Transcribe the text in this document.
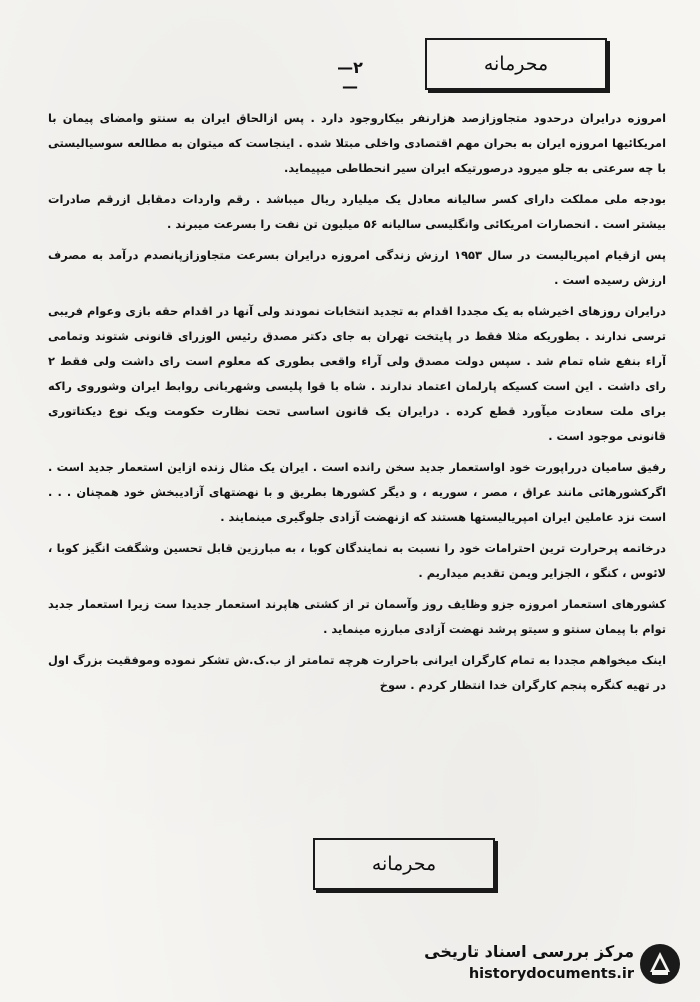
—٢—
محرمانه

امروزه درایران درحدود متجاوزازصد هزارنفر بیکاروجود دارد . پس ازالحاق ایران به سنتو وامضای پیمان با امریکائیها امروزه ایران به بحران مهم اقتصادی واخلی مبتلا شده . اینجاست که میتوان به مطالعه سوسیالیستی با چه سرعتی به جلو میرود درصورتیکه ایران سیر انحطاطی میپیماید.

بودجه ملی مملکت دارای کسر سالیانه معادل یک میلیارد ریال میباشد . رقم واردات دمقابل ازرقم صادرات بیشتر است . انحصارات امریکائی وانگلیسی سالیانه ۵۶ میلیون تن نفت را بسرعت میبرند .

پس ازقیام امپریالیست در سال ۱۹۵۳ ارزش زندگی امروزه درایران بسرعت متجاوزازپانصدم درآمد به مصرف ارزش رسیده است .

درایران روزهای اخیرشاه به یک مجددا اقدام به تجدید انتخابات نمودند ولی آنها در اقدام حقه بازی وعوام فریبی ترسی ندارند . بطوریکه مثلا فقط در پایتخت تهران به جای دکتر مصدق رئیس الوزرای قانونی شتوند وتمامی آراء بنفع شاه تمام شد . سپس دولت مصدق ولی آراء واقعی بطوری که معلوم است رای داشت ولی فقط ۲ رای داشت . این است کسیکه پارلمان اعتماد ندارند . شاه با قوا پلیسی وشهربانی روابط ایران وشوروی راکه برای ملت سعادت میآورد قطع کرده . درایران یک قانون اساسی تحت نظارت حکومت ویک نوع دیکتاتوری قانونی موجود است .

رفیق سامیان درراپورت خود اواستعمار جدید سخن رانده است . ایران یک مثال زنده ازاین استعمار جدید است . اگرکشورهائی مانند عراق ، مصر ، سوریه ، و دیگر کشورها بطریق و با نهضتهای آزادیبخش خود همچنان . . . است نزد عاملین ایران امپریالیستها هستند که ازنهضت آزادی جلوگیری مینمایند .

درخاتمه پرحرارت ترین احترامات خود را نسبت به نمایندگان کوبا ، به مبارزین قابل تحسین وشگفت انگیز کوبا ، لائوس ، کنگو ، الجزایر ویمن تقدیم میداریم .

کشورهای استعمار امروزه جزو وظایف روز وآسمان تر از کشتی هاپرند استعمار جدیدا ست زیرا استعمار جدید توام با پیمان سنتو و سیتو پرشد نهضت آزادی مبارزه مینماید .

اینک میخواهم مجددا به تمام کارگران ایرانی باحرارت هرچه تمامتر از ب.ک.ش تشکر نموده وموفقیت بزرگ اول در تهیه کنگره پنجم کارگران خدا انتظار کردم . سوخ

محرمانه
مرکز بررسی اسناد تاریخی
historydocuments.ir
